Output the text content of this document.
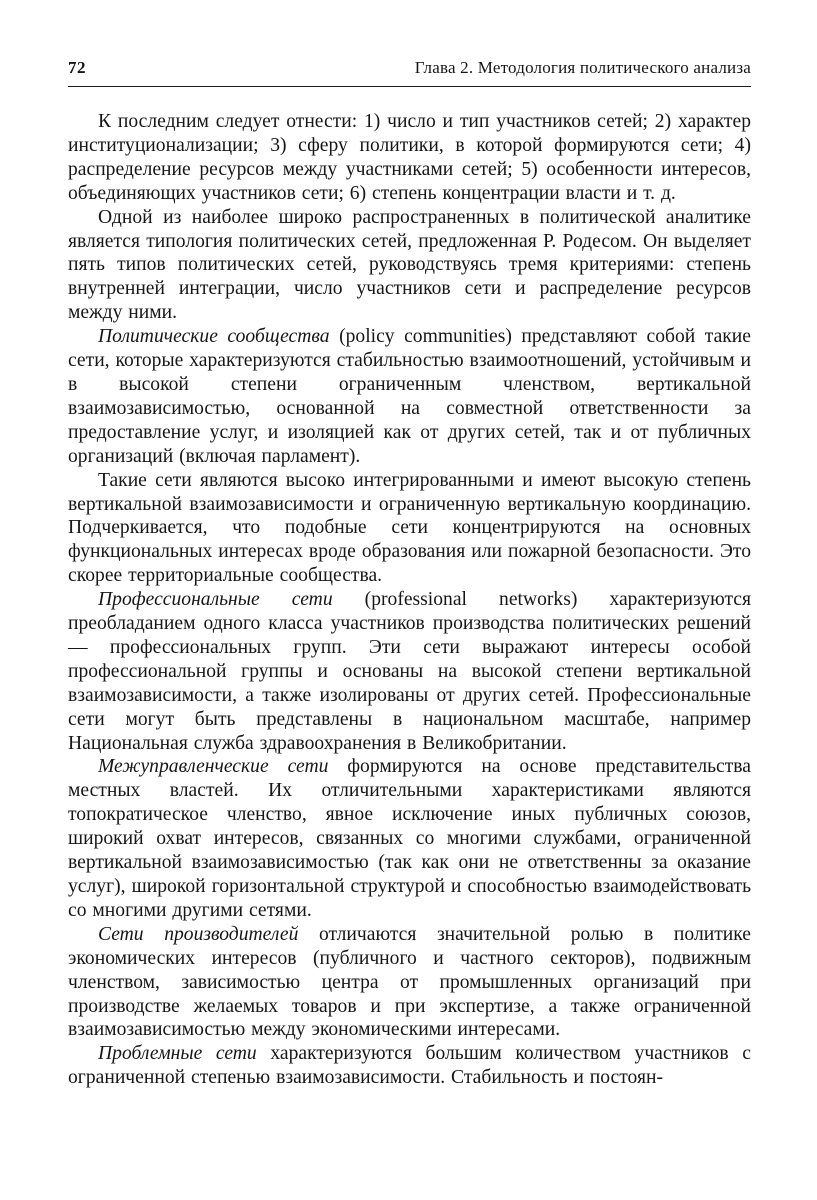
72	Глава 2. Методология политического анализа

К последним следует отнести: 1) число и тип участников сетей; 2) характер институционализации; 3) сферу политики, в которой формируются сети; 4) распределение ресурсов между участниками сетей; 5) особенности интересов, объединяющих участников сети; 6) степень концентрации власти и т. д.

Одной из наиболее широко распространенных в политической аналитике является типология политических сетей, предложенная Р. Родесом. Он выделяет пять типов политических сетей, руководствуясь тремя критериями: степень внутренней интеграции, число участников сети и распределение ресурсов между ними.

Политические сообщества (policy communities) представляют собой такие сети, которые характеризуются стабильностью взаимоотношений, устойчивым и в высокой степени ограниченным членством, вертикальной взаимозависимостью, основанной на совместной ответственности за предоставление услуг, и изоляцией как от других сетей, так и от публичных организаций (включая парламент).

Такие сети являются высоко интегрированными и имеют высокую степень вертикальной взаимозависимости и ограниченную вертикальную координацию. Подчеркивается, что подобные сети концентрируются на основных функциональных интересах вроде образования или пожарной безопасности. Это скорее территориальные сообщества.

Профессиональные сети (professional networks) характеризуются преобладанием одного класса участников производства политических решений — профессиональных групп. Эти сети выражают интересы особой профессиональной группы и основаны на высокой степени вертикальной взаимозависимости, а также изолированы от других сетей. Профессиональные сети могут быть представлены в национальном масштабе, например Национальная служба здравоохранения в Великобритании.

Межуправленческие сети формируются на основе представительства местных властей. Их отличительными характеристиками являются топократическое членство, явное исключение иных публичных союзов, широкий охват интересов, связанных со многими службами, ограниченной вертикальной взаимозависимостью (так как они не ответственны за оказание услуг), широкой горизонтальной структурой и способностью взаимодействовать со многими другими сетями.

Сети производителей отличаются значительной ролью в политике экономических интересов (публичного и частного секторов), подвижным членством, зависимостью центра от промышленных организаций при производстве желаемых товаров и при экспертизе, а также ограниченной взаимозависимостью между экономическими интересами.

Проблемные сети характеризуются большим количеством участников с ограниченной степенью взаимозависимости. Стабильность и постоян-
